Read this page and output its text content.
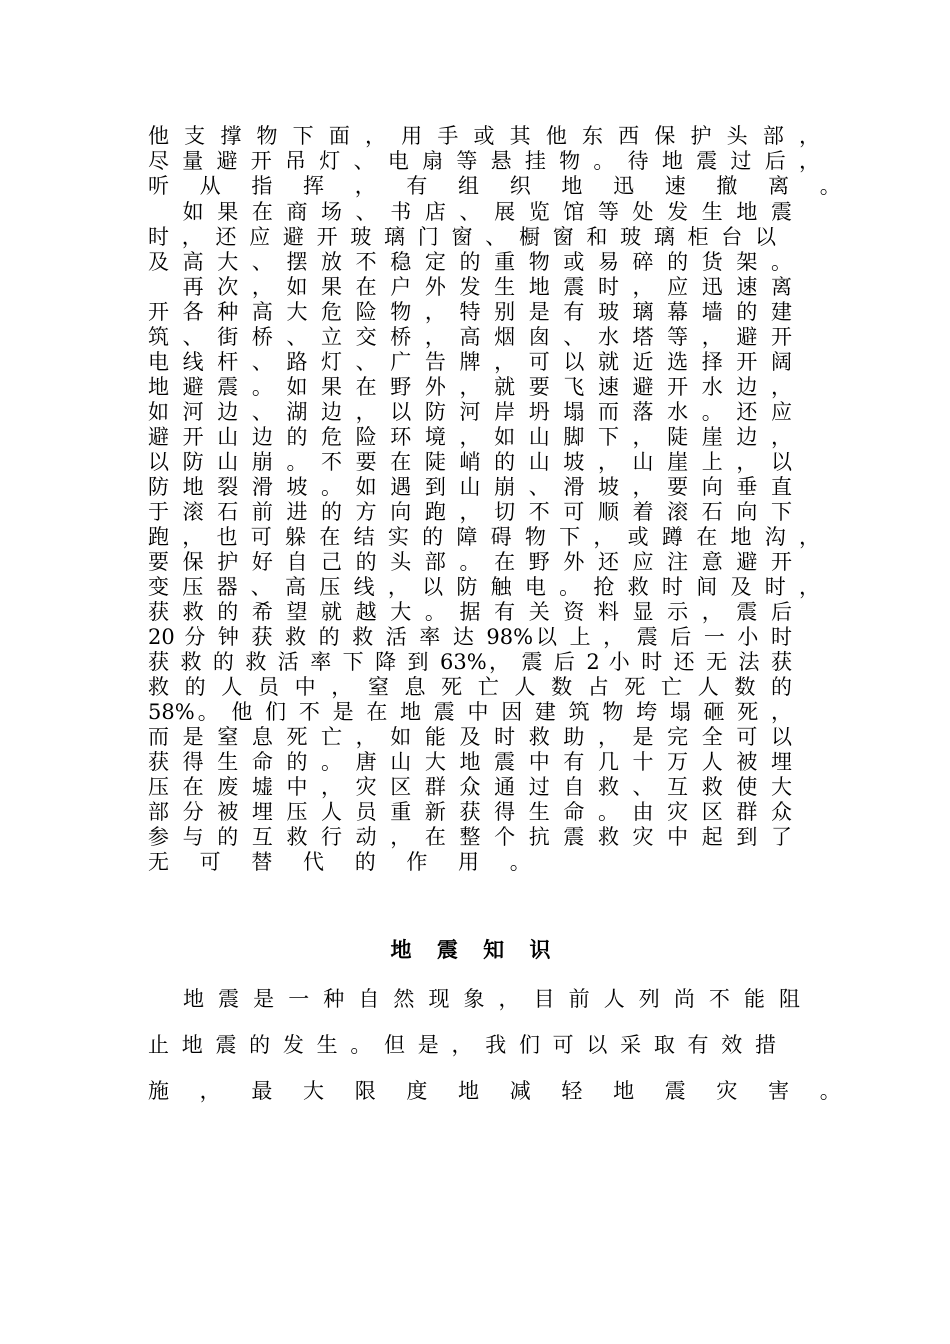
他 支 撑 物 下 面 ， 用 手 或 其 他 东 西 保 护 头 部 ，
尽 量 避 开 吊 灯 、 电 扇 等 悬 挂 物 。 待 地 震 过 后 ，
听 从 指 挥 ， 有 组 织 地 迅 速 撤 离 。
　 如 果 在 商 场 、 书 店 、 展 览 馆 等 处 发 生 地 震
时 ， 还 应 避 开 玻 璃 门 窗 、 橱 窗 和 玻 璃 柜 台 以
及 高 大 、 摆 放 不 稳 定 的 重 物 或 易 碎 的 货 架 。
　 再 次 ， 如 果 在 户 外 发 生 地 震 时 ， 应 迅 速 离
开 各 种 高 大 危 险 物 ， 特 别 是 有 玻 璃 幕 墙 的 建
筑 、 街 桥 、 立 交 桥 ， 高 烟 囱 、 水 塔 等 ， 避 开
电 线 杆 、 路 灯 、 广 告 牌 ， 可 以 就 近 选 择 开 阔
地 避 震 。 如 果 在 野 外 ， 就 要 飞 速 避 开 水 边 ，
如 河 边 、 湖 边 ， 以 防 河 岸 坍 塌 而 落 水 。 还 应
避 开 山 边 的 危 险 环 境 ， 如 山 脚 下 ， 陡 崖 边 ，
以 防 山 崩 。 不 要 在 陡 峭 的 山 坡 ， 山 崖 上 ， 以
防 地 裂 滑 坡 。 如 遇 到 山 崩 、 滑 坡 ， 要 向 垂 直
于 滚 石 前 进 的 方 向 跑 ， 切 不 可 顺 着 滚 石 向 下
跑 ， 也 可 躲 在 结 实 的 障 碍 物 下 ， 或 蹲 在 地 沟 ，
要 保 护 好 自 己 的 头 部 。 在 野 外 还 应 注 意 避 开
变 压 器 、 高 压 线 ， 以 防 触 电 。 抢 救 时 间 及 时 ，
获 救 的 希 望 就 越 大 。 据 有 关 资 料 显 示 ， 震 后
20 分 钟 获 救 的 救 活 率 达 98%以 上 ， 震 后 一 小 时
获 救 的 救 活 率 下 降 到 63%， 震 后 2 小 时 还 无 法 获
救 的 人 员 中 ， 窒 息 死 亡 人 数 占 死 亡 人 数 的
58%。 他 们 不 是 在 地 震 中 因 建 筑 物 垮 塌 砸 死 ，
而 是 窒 息 死 亡 ， 如 能 及 时 救 助 ， 是 完 全 可 以
获 得 生 命 的 。 唐 山 大 地 震 中 有 几 十 万 人 被 埋
压 在 废 墟 中 ， 灾 区 群 众 通 过 自 救 、 互 救 使 大
部 分 被 埋 压 人 员 重 新 获 得 生 命 。 由 灾 区 群 众
参 与 的 互 救 行 动 ， 在 整 个 抗 震 救 灾 中 起 到 了
无 可 替 代 的 作 用 。
地 震 知 识
　 地 震 是 一 种 自 然 现 象 ， 目 前 人 列 尚 不 能 阻
止 地 震 的 发 生 。 但 是 ， 我 们 可 以 采 取 有 效 措
施 ， 最 大 限 度 地 减 轻 地 震 灾 害 。
